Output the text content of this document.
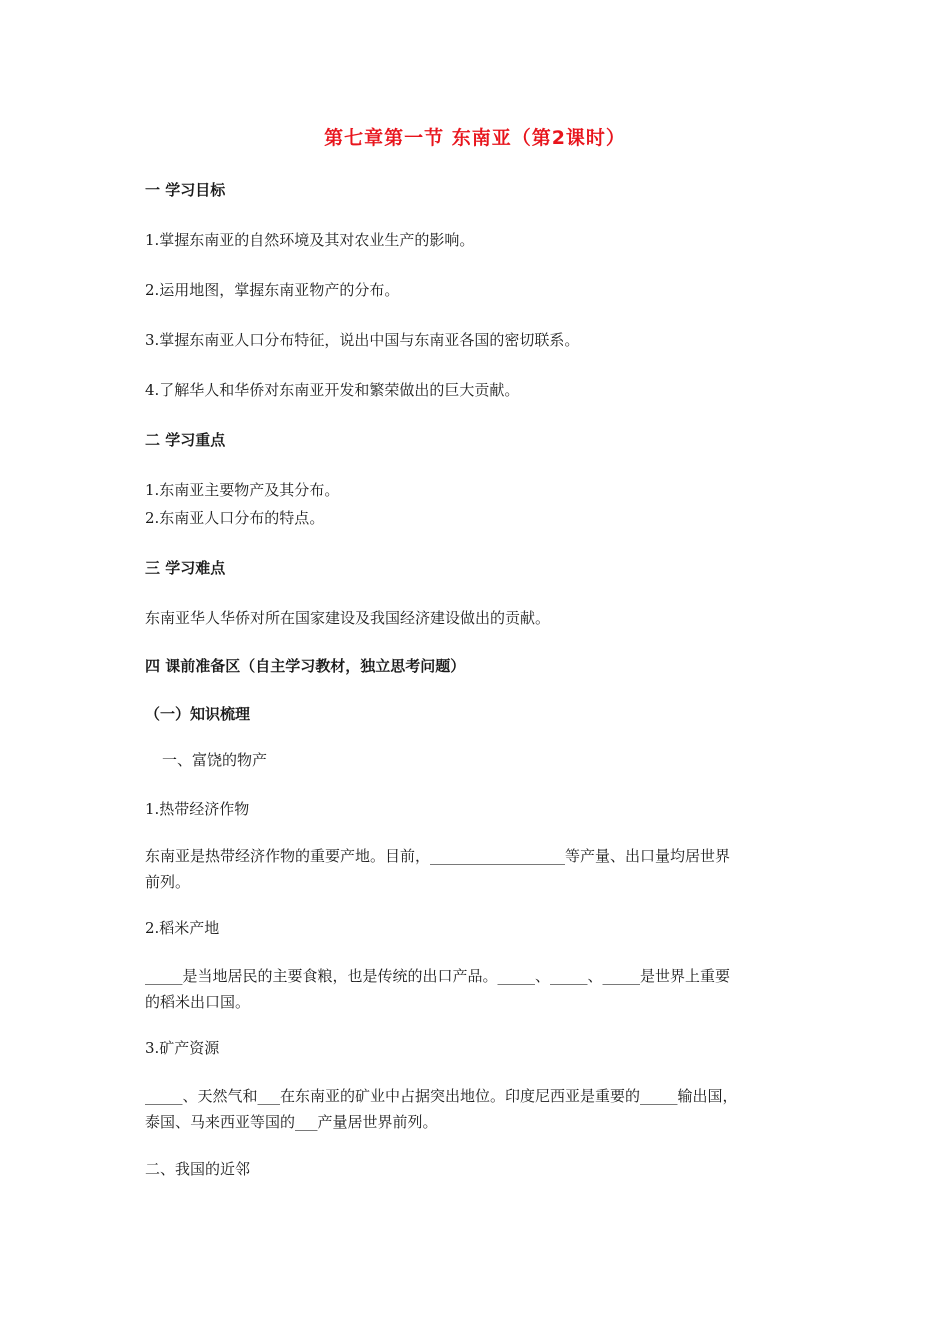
第七章第一节 东南亚（第2课时）
一 学习目标
1.掌握东南亚的自然环境及其对农业生产的影响。
2.运用地图，掌握东南亚物产的分布。
3.掌握东南亚人口分布特征，说出中国与东南亚各国的密切联系。
4.了解华人和华侨对东南亚开发和繁荣做出的巨大贡献。
二 学习重点
1.东南亚主要物产及其分布。
2.东南亚人口分布的特点。
三 学习难点
东南亚华人华侨对所在国家建设及我国经济建设做出的贡献。
四 课前准备区（自主学习教材，独立思考问题）
（一）知识梳理
一、富饶的物产
1.热带经济作物
东南亚是热带经济作物的重要产地。目前，__________________等产量、出口量均居世界
前列。
2.稻米产地
_____是当地居民的主要食粮，也是传统的出口产品。_____、_____、_____是世界上重要
的稻米出口国。
3.矿产资源
_____、天然气和___在东南亚的矿业中占据突出地位。印度尼西亚是重要的_____输出国，
泰国、马来西亚等国的___产量居世界前列。
二、我国的近邻
